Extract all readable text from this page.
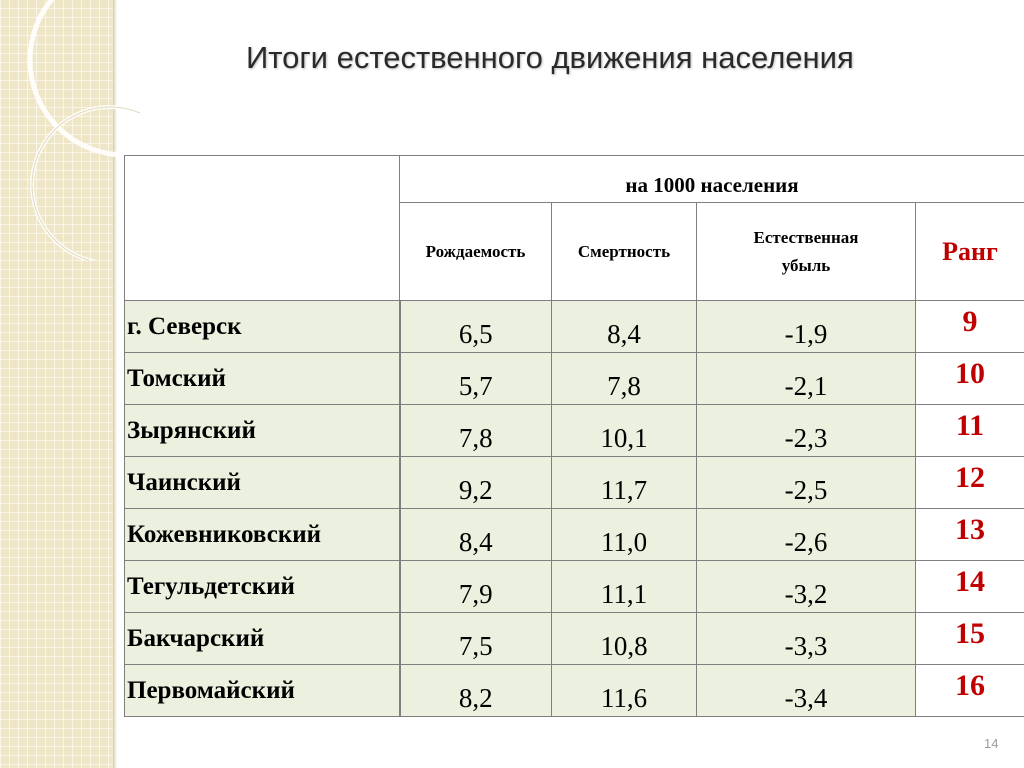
Итоги естественного движения населения
	на 1000 населения			
	Рождаемость	Смертность	Естественная
убыль	Ранг
г. Северск	6,5	8,4	-1,9	9
Томский	5,7	7,8	-2,1	10
Зырянский	7,8	10,1	-2,3	11
Чаинский	9,2	11,7	-2,5	12
Кожевниковский	8,4	11,0	-2,6	13
Тегульдетский	7,9	11,1	-3,2	14
Бакчарский	7,5	10,8	-3,3	15
Первомайский	8,2	11,6	-3,4	16
14
